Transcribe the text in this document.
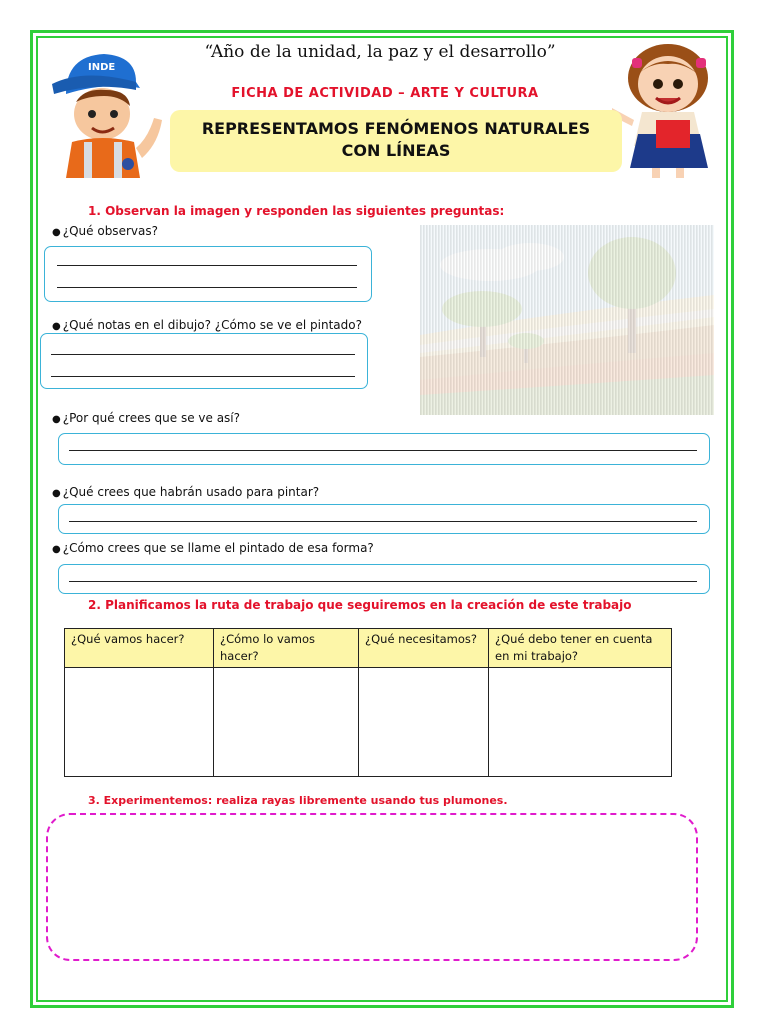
INDE
“Año de la unidad, la paz y el desarrollo”
FICHA DE ACTIVIDAD – ARTE Y CULTURA
REPRESENTAMOS FENÓMENOS NATURALES
CON LÍNEAS
1. Observan la imagen y responden las siguientes preguntas:
● ¿Qué observas?
● ¿Qué notas en el dibujo? ¿Cómo se ve el pintado?
● ¿Por qué crees que se ve así?
● ¿Qué crees que habrán usado para pintar?
● ¿Cómo crees que se llame el pintado de esa forma?
2. Planificamos la ruta de trabajo que seguiremos en la creación de este trabajo
¿Qué vamos hacer?	¿Cómo lo vamos hacer?	¿Qué necesitamos?	¿Qué debo tener en cuenta en mi trabajo?

3. Experimentemos: realiza rayas libremente usando tus plumones.
